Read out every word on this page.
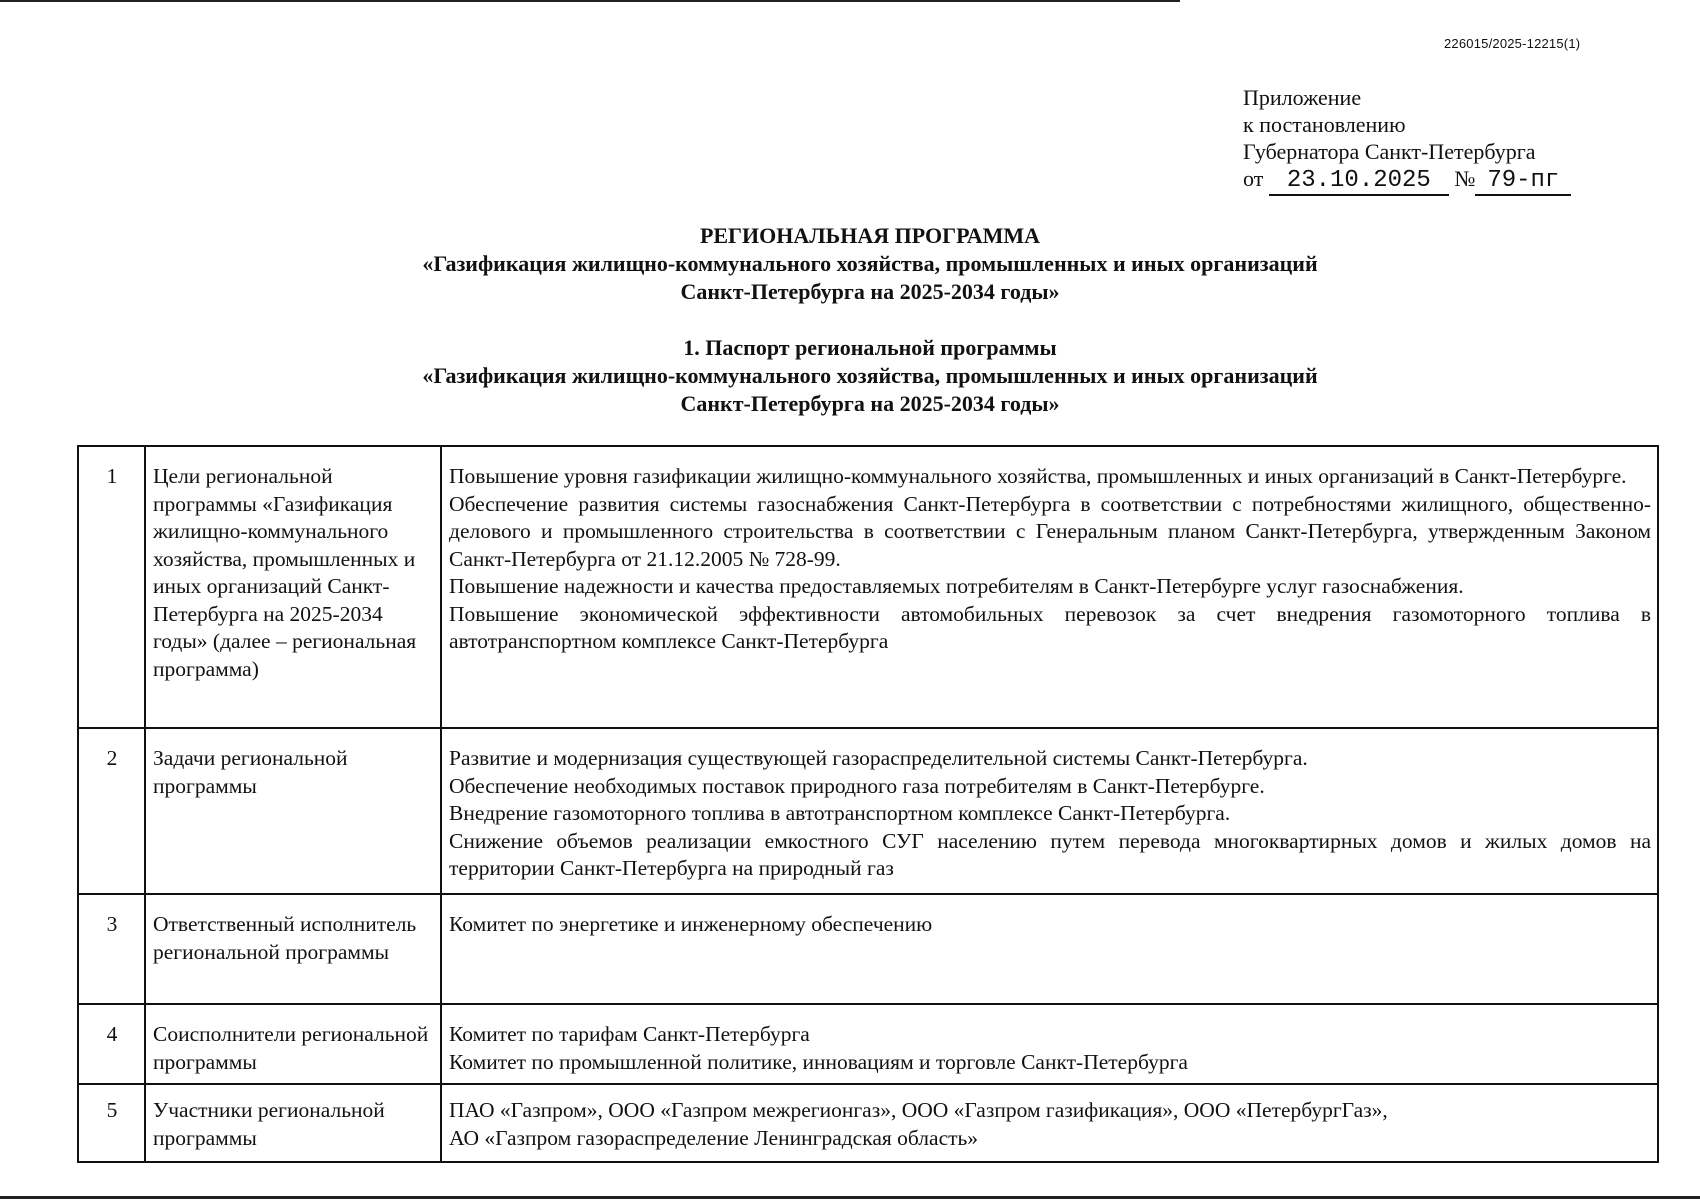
226015/2025-12215(1)
Приложение
к постановлению
Губернатора Санкт-Петербурга
от 23.10.2025 № 79-пг
РЕГИОНАЛЬНАЯ ПРОГРАММА
«Газификация жилищно-коммунального хозяйства, промышленных и иных организаций
Санкт-Петербурга на 2025-2034 годы»
1. Паспорт региональной программы
«Газификация жилищно-коммунального хозяйства, промышленных и иных организаций
Санкт-Петербурга на 2025-2034 годы»
1	Цели региональной программы «Газификация жилищно-коммунального хозяйства, промышленных и иных организаций Санкт-Петербурга на 2025-2034 годы» (далее – региональная программа)	Повышение уровня газификации жилищно-коммунального хозяйства, промышленных и иных организаций в Санкт-Петербурге.
Обеспечение развития системы газоснабжения Санкт-Петербурга в соответствии с потребностями жилищного, общественно-делового и промышленного строительства в соответствии с Генеральным планом Санкт-Петербурга, утвержденным Законом Санкт-Петербурга от 21.12.2005 № 728-99.
Повышение надежности и качества предоставляемых потребителям в Санкт-Петербурге услуг газоснабжения.
Повышение экономической эффективности автомобильных перевозок за счет внедрения газомоторного топлива в автотранспортном комплексе Санкт-Петербурга

2	Задачи региональной программы	Развитие и модернизация существующей газораспределительной системы Санкт-Петербурга.
Обеспечение необходимых поставок природного газа потребителям в Санкт-Петербурге.
Внедрение газомоторного топлива в автотранспортном комплексе Санкт-Петербурга.
Снижение объемов реализации емкостного СУГ населению путем перевода многоквартирных домов и жилых домов на территории Санкт-Петербурга на природный газ

3	Ответственный исполнитель региональной программы	Комитет по энергетике и инженерному обеспечению

4	Соисполнители региональной программы	Комитет по тарифам Санкт-Петербурга
Комитет по промышленной политике, инновациям и торговле Санкт-Петербурга

5	Участники региональной программы	ПАО «Газпром», ООО «Газпром межрегионгаз», ООО «Газпром газификация», ООО «ПетербургГаз»,
АО «Газпром газораспределение Ленинградская область»
